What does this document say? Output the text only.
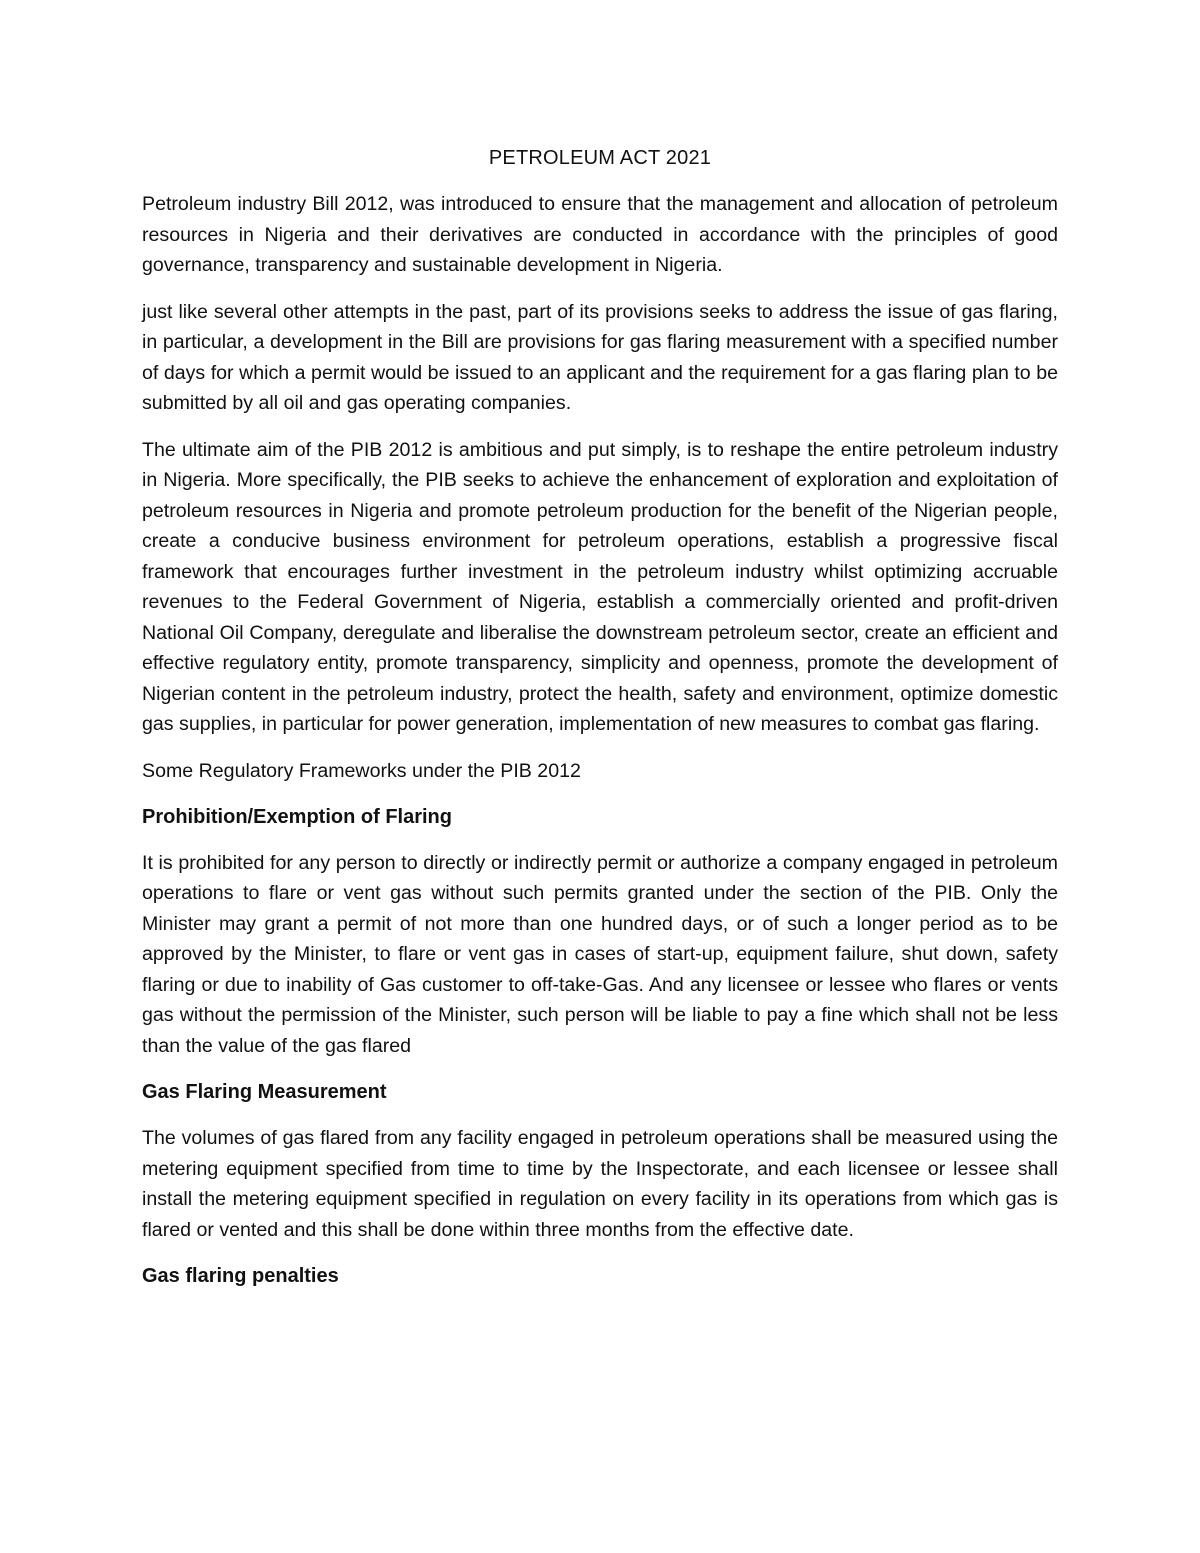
PETROLEUM ACT 2021

Petroleum industry Bill 2012, was introduced to ensure that the management and allocation of petroleum resources in Nigeria and their derivatives are conducted in accordance with the principles of good governance, transparency and sustainable development in Nigeria.

just like several other attempts in the past, part of its provisions seeks to address the issue of gas flaring, in particular, a development in the Bill are provisions for gas flaring measurement with a specified number of days for which a permit would be issued to an applicant and the requirement for a gas flaring plan to be submitted by all oil and gas operating companies.

The ultimate aim of the PIB 2012 is ambitious and put simply, is to reshape the entire petroleum industry in Nigeria. More specifically, the PIB seeks to achieve the enhancement of exploration and exploitation of petroleum resources in Nigeria and promote petroleum production for the benefit of the Nigerian people, create a conducive business environment for petroleum operations, establish a progressive fiscal framework that encourages further investment in the petroleum industry whilst optimizing accruable revenues to the Federal Government of Nigeria, establish a commercially oriented and profit-driven National Oil Company, deregulate and liberalise the downstream petroleum sector, create an efficient and effective regulatory entity, promote transparency, simplicity and openness, promote the development of Nigerian content in the petroleum industry, protect the health, safety and environment, optimize domestic gas supplies, in particular for power generation, implementation of new measures to combat gas flaring.

Some Regulatory Frameworks under the PIB 2012

Prohibition/Exemption of Flaring

It is prohibited for any person to directly or indirectly permit or authorize a company engaged in petroleum operations to flare or vent gas without such permits granted under the section of the PIB. Only the Minister may grant a permit of not more than one hundred days, or of such a longer period as to be approved by the Minister, to flare or vent gas in cases of start-up, equipment failure, shut down, safety flaring or due to inability of Gas customer to off-take-Gas. And any licensee or lessee who flares or vents gas without the permission of the Minister, such person will be liable to pay a fine which shall not be less than the value of the gas flared

Gas Flaring Measurement

The volumes of gas flared from any facility engaged in petroleum operations shall be measured using the metering equipment specified from time to time by the Inspectorate, and each licensee or lessee shall install the metering equipment specified in regulation on every facility in its operations from which gas is flared or vented and this shall be done within three months from the effective date.

Gas flaring penalties
